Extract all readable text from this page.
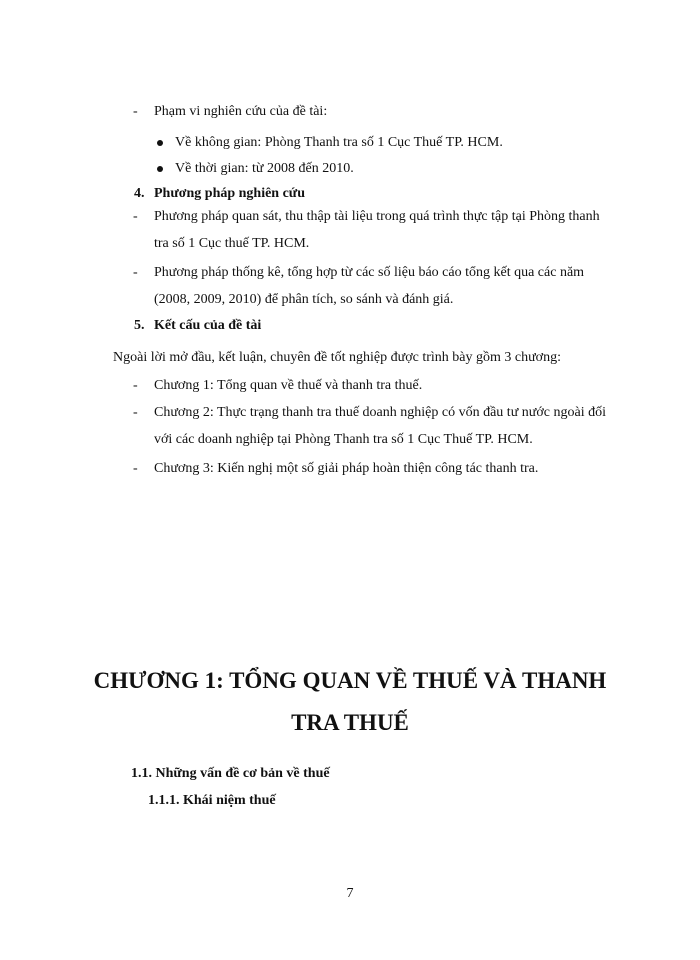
- Phạm vi nghiên cứu của đề tài:
Về không gian: Phòng Thanh tra số 1 Cục Thuế TP. HCM.
Về thời gian: từ 2008 đến 2010.
4. Phương pháp nghiên cứu
- Phương pháp quan sát, thu thập tài liệu trong quá trình thực tập tại Phòng thanh
tra số 1 Cục thuế TP. HCM.
- Phương pháp thống kê, tổng hợp từ các số liệu báo cáo tổng kết qua các năm
(2008, 2009, 2010) để phân tích, so sánh và đánh giá.
5. Kết cấu của đề tài
Ngoài lời mở đầu, kết luận, chuyên đề tốt nghiệp được trình bày gồm 3 chương:
- Chương 1: Tổng quan về thuế và thanh tra thuế.
- Chương 2: Thực trạng thanh tra thuế doanh nghiệp có vốn đầu tư nước ngoài đối
với các doanh nghiệp tại Phòng Thanh tra số 1 Cục Thuế TP. HCM.
- Chương 3: Kiến nghị một số giải pháp hoàn thiện công tác thanh tra.
CHƯƠNG 1: TỔNG QUAN VỀ THUẾ VÀ THANH
TRA THUẾ
1.1. Những vấn đề cơ bản về thuế
1.1.1. Khái niệm thuế
7
